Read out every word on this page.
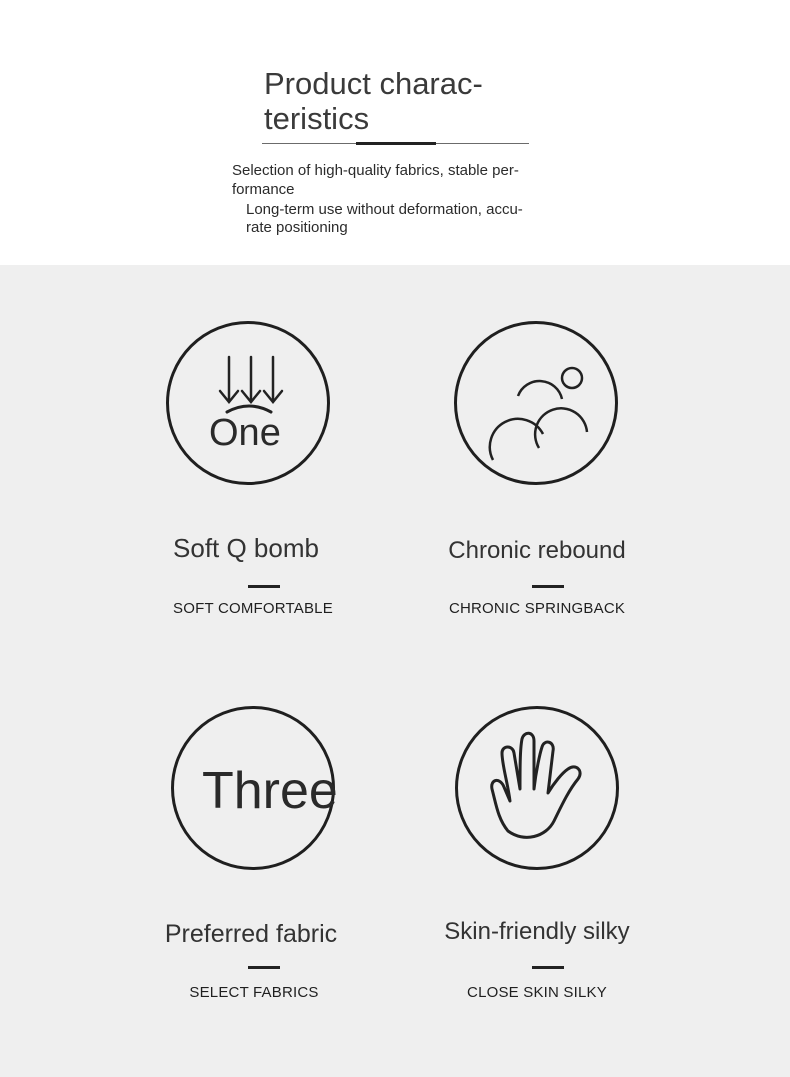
Product charac-
teristics

Selection of high-quality fabrics, stable per-
formance

Long-term use without deformation, accu-
rate positioning

One
Soft Q bomb
SOFT COMFORTABLE
Chronic rebound
CHRONIC SPRINGBACK
Three
Preferred fabric
SELECT FABRICS
Skin-friendly silky
CLOSE SKIN SILKY
